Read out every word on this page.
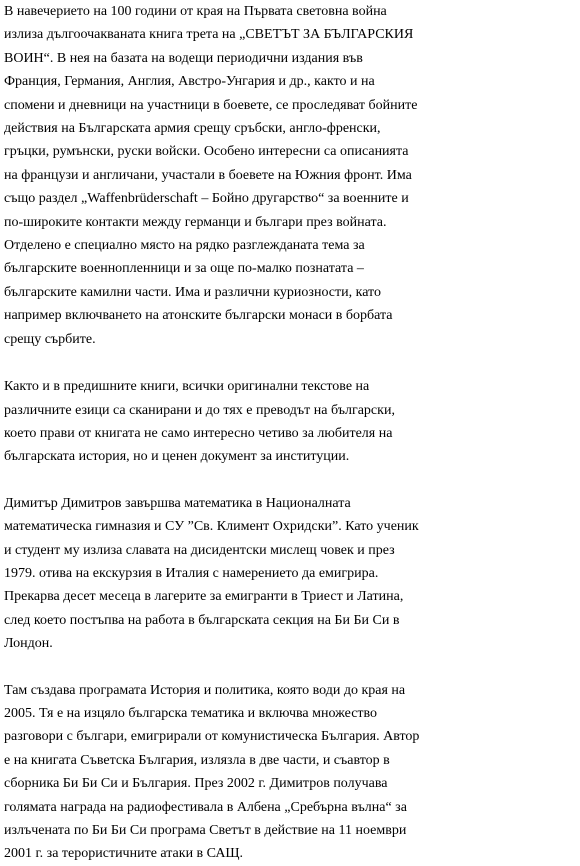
В навечерието на 100 години от края на Първата световна война
излиза дългоочакваната книга трета на „СВЕТЪТ ЗА БЪЛГАРСКИЯ
ВОИН“. В нея на базата на водещи периодични издания във
Франция, Германия, Англия, Австро-Унгария и др., както и на
спомени и дневници на участници в боевете, се проследяват бойните
действия на Българската армия срещу сръбски, англо-френски,
гръцки, румънски, руски войски. Особено интересни са описанията
на французи и англичани, участали в боевете на Южния фронт. Има
също раздел „Waffenbrüderschaft – Бойно другарство“ за военните и
по-широките контакти между германци и българи през войната.
Отделено е специално място на рядко разглежданата тема за
българските военнопленници и за още по-малко познатата –
българските камилни части. Има и различни куриозности, като
например включването на атонските български монаси в борбата
срещу сърбите.

Както и в предишните книги, всички оригинални текстове на
различните езици са сканирани и до тях е преводът на български,
което прави от книгата не само интересно четиво за любителя на
българската история, но и ценен документ за институции.

Димитър Димитров завършва математика в Националната
математическа гимназия и СУ ”Св. Климент Охридски”. Като ученик
и студент му излиза славата на дисидентски мислещ човек и през
1979. отива на екскурзия в Италия с намерението да емигрира.
Прекарва десет месеца в лагерите за емигранти в Триест и Латина,
след което постъпва на работа в българската секция на Би Би Си в
Лондон.

Там създава програмата История и политика, която води до края на
2005. Тя е на изцяло българска тематика и включва множество
разговори с българи, емигрирали от комунистическа България. Автор
е на книгата Съветска България, излязла в две части, и съавтор в
сборника Би Би Си и България. През 2002 г. Димитров получава
голямата награда на радиофестивала в Албена „Сребърна вълна“ за
излъчената по Би Би Си програма Светът в действие на 11 ноември
2001 г. за терористичните атаки в САЩ.
